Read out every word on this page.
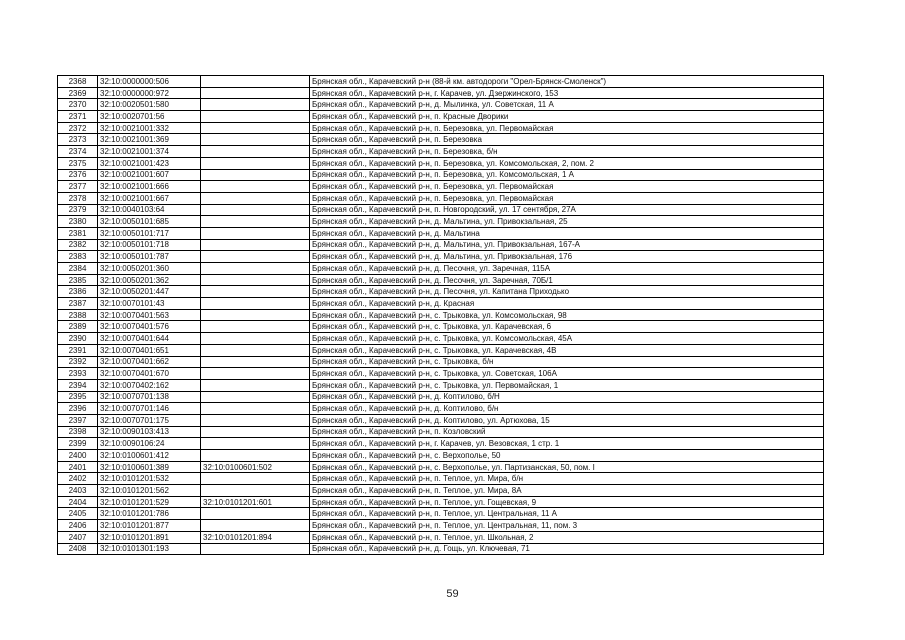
2368	32:10:0000000:506		Брянская обл., Карачевский р-н (88-й км. автодороги "Орел-Брянск-Смоленск")
2369	32:10:0000000:972		Брянская обл., Карачевский р-н, г. Карачев, ул. Дзержинского, 153
2370	32:10:0020501:580		Брянская обл., Карачевский р-н, д. Мылинка, ул. Советская, 11 А
2371	32:10:0020701:56		Брянская обл., Карачевский р-н, п. Красные Дворики
2372	32:10:0021001:332		Брянская обл., Карачевский р-н, п. Березовка, ул. Первомайская
2373	32:10:0021001:369		Брянская обл., Карачевский р-н, п. Березовка
2374	32:10:0021001:374		Брянская обл., Карачевский р-н, п. Березовка, б/н
2375	32:10:0021001:423		Брянская обл., Карачевский р-н, п. Березовка, ул. Комсомольская, 2, пом. 2
2376	32:10:0021001:607		Брянская обл., Карачевский р-н, п. Березовка, ул. Комсомольская, 1 А
2377	32:10:0021001:666		Брянская обл., Карачевский р-н, п. Березовка, ул. Первомайская
2378	32:10:0021001:667		Брянская обл., Карачевский р-н, п. Березовка, ул. Первомайская
2379	32:10:0040103:64		Брянская обл., Карачевский р-н, п. Новгородский, ул. 17 сентября, 27А
2380	32:10:0050101:685		Брянская обл., Карачевский р-н, д. Мальтина, ул. Привокзальная, 25
2381	32:10:0050101:717		Брянская обл., Карачевский р-н, д. Мальтина
2382	32:10:0050101:718		Брянская обл., Карачевский р-н, д. Мальтина, ул. Привокзальная, 167-А
2383	32:10:0050101:787		Брянская обл., Карачевский р-н, д. Мальтина, ул. Привокзальная, 176
2384	32:10:0050201:360		Брянская обл., Карачевский р-н, д. Песочня, ул. Заречная, 115А
2385	32:10:0050201:362		Брянская обл., Карачевский р-н, д. Песочня, ул. Заречная, 70Б/1
2386	32:10:0050201:447		Брянская обл., Карачевский р-н, д. Песочня, ул. Капитана Приходько
2387	32:10:0070101:43		Брянская обл., Карачевский р-н, д. Красная
2388	32:10:0070401:563		Брянская обл., Карачевский р-н, с. Трыковка, ул. Комсомольская, 98
2389	32:10:0070401:576		Брянская обл., Карачевский р-н, с. Трыковка, ул. Карачевская, 6
2390	32:10:0070401:644		Брянская обл., Карачевский р-н, с. Трыковка, ул. Комсомольская, 45А
2391	32:10:0070401:651		Брянская обл., Карачевский р-н, с. Трыковка, ул. Карачевская, 4В
2392	32:10:0070401:662		Брянская обл., Карачевский р-н, с. Трыковка, б/н
2393	32:10:0070401:670		Брянская обл., Карачевский р-н, с. Трыковка, ул. Советская, 106А
2394	32:10:0070402:162		Брянская обл., Карачевский р-н, с. Трыковка, ул. Первомайская, 1
2395	32:10:0070701:138		Брянская обл., Карачевский р-н, д. Коптилово, б/Н
2396	32:10:0070701:146		Брянская обл., Карачевский р-н, д. Коптилово, б/н
2397	32:10:0070701:175		Брянская обл., Карачевский р-н, д. Коптилово, ул. Артюхова, 15
2398	32:10:0090103:413		Брянская обл., Карачевский р-н, п. Козловский
2399	32:10:0090106:24		Брянская обл., Карачевский р-н, г. Карачев, ул. Везовская, 1 стр. 1
2400	32:10:0100601:412		Брянская обл., Карачевский р-н, с. Верхополье, 50
2401	32:10:0100601:389	32:10:0100601:502	Брянская обл., Карачевский р-н, с. Верхополье, ул. Партизанская, 50, пом. I
2402	32:10:0101201:532		Брянская обл., Карачевский р-н, п. Теплое, ул. Мира, б/н
2403	32:10:0101201:562		Брянская обл., Карачевский р-н, п. Теплое, ул. Мира, 8А
2404	32:10:0101201:529	32:10:0101201:601	Брянская обл., Карачевский р-н, п. Теплое, ул. Гощевская, 9
2405	32:10:0101201:786		Брянская обл., Карачевский р-н, п. Теплое, ул. Центральная, 11 А
2406	32:10:0101201:877		Брянская обл., Карачевский р-н, п. Теплое, ул. Центральная, 11, пом. 3
2407	32:10:0101201:891	32:10:0101201:894	Брянская обл., Карачевский р-н, п. Теплое, ул. Школьная, 2
2408	32:10:0101301:193		Брянская обл., Карачевский р-н, д. Гощь, ул. Ключевая, 71
59
